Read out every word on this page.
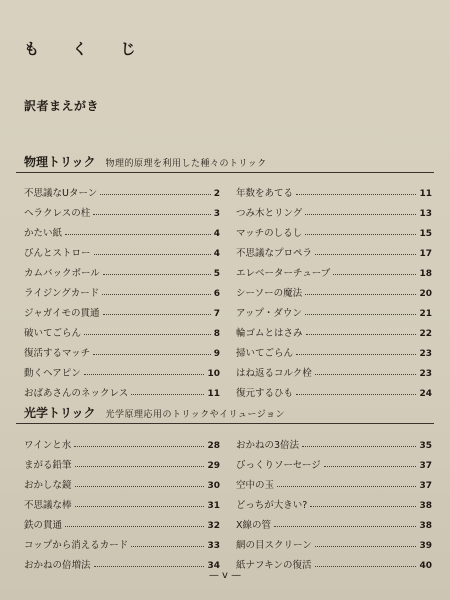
も く じ
訳者まえがき
物理トリック 物理的原理を利用した種々のトリック
不思議なUターン	2
ヘラクレスの柱	3
かたい紙	4
びんとストロー	4
カムバックボール	5
ライジングカード	6
ジャガイモの貫通	7
破いてごらん	8
復活するマッチ	9
動くヘアピン	10
おばあさんのネックレス	11
年数をあてる	11
つみ木とリング	13
マッチのしるし	15
不思議なプロペラ	17
エレベーターチューブ	18
シーソーの魔法	20
アップ・ダウン	21
輪ゴムとはさみ	22
掃いてごらん	23
はね返るコルク栓	23
復元するひも	24
光学トリック 光学原理応用のトリックやイリュージョン
ワインと水	28
まがる鉛筆	29
おかしな鏡	30
不思議な棒	31
鉄の貫通	32
コップから消えるカード	33
おかねの倍増法	34
おかねの3倍法	35
びっくりソーセージ	37
空中の玉	37
どっちが大きい?	38
X線の管	38
網の目スクリーン	39
紙ナフキンの復活	40
— v —
